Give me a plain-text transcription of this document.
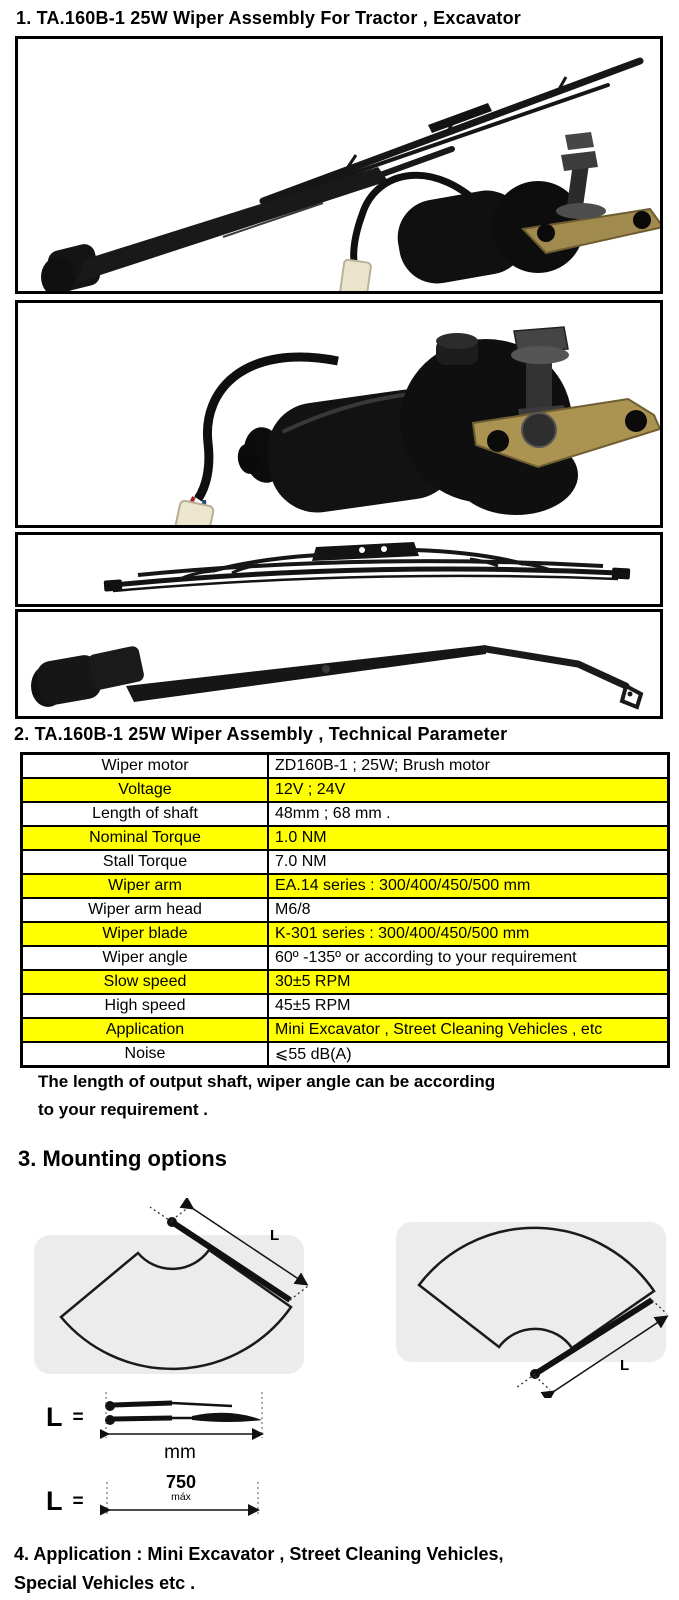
1. TA.160B-1 25W Wiper Assembly For Tractor , Excavator
2. TA.160B-1 25W Wiper Assembly , Technical Parameter
Wiper motor	ZD160B-1 ; 25W; Brush motor
Voltage	12V ; 24V
Length of shaft	48mm ; 68 mm .
Nominal Torque	1.0 NM
Stall Torque	7.0 NM
Wiper arm	EA.14 series : 300/400/450/500 mm
Wiper arm head	M6/8
Wiper blade	K-301 series : 300/400/450/500 mm
Wiper angle	60º -135º or according to your requirement
Slow speed	30±5 RPM
High speed	45±5 RPM
Application	Mini Excavator , Street Cleaning Vehicles , etc
Noise	⩽55 dB(A)
The length of output shaft, wiper angle can be according
to your requirement .
3. Mounting options
L
L
L =
mm
L =
750
máx
4. Application : Mini Excavator , Street Cleaning Vehicles,
Special Vehicles etc .
